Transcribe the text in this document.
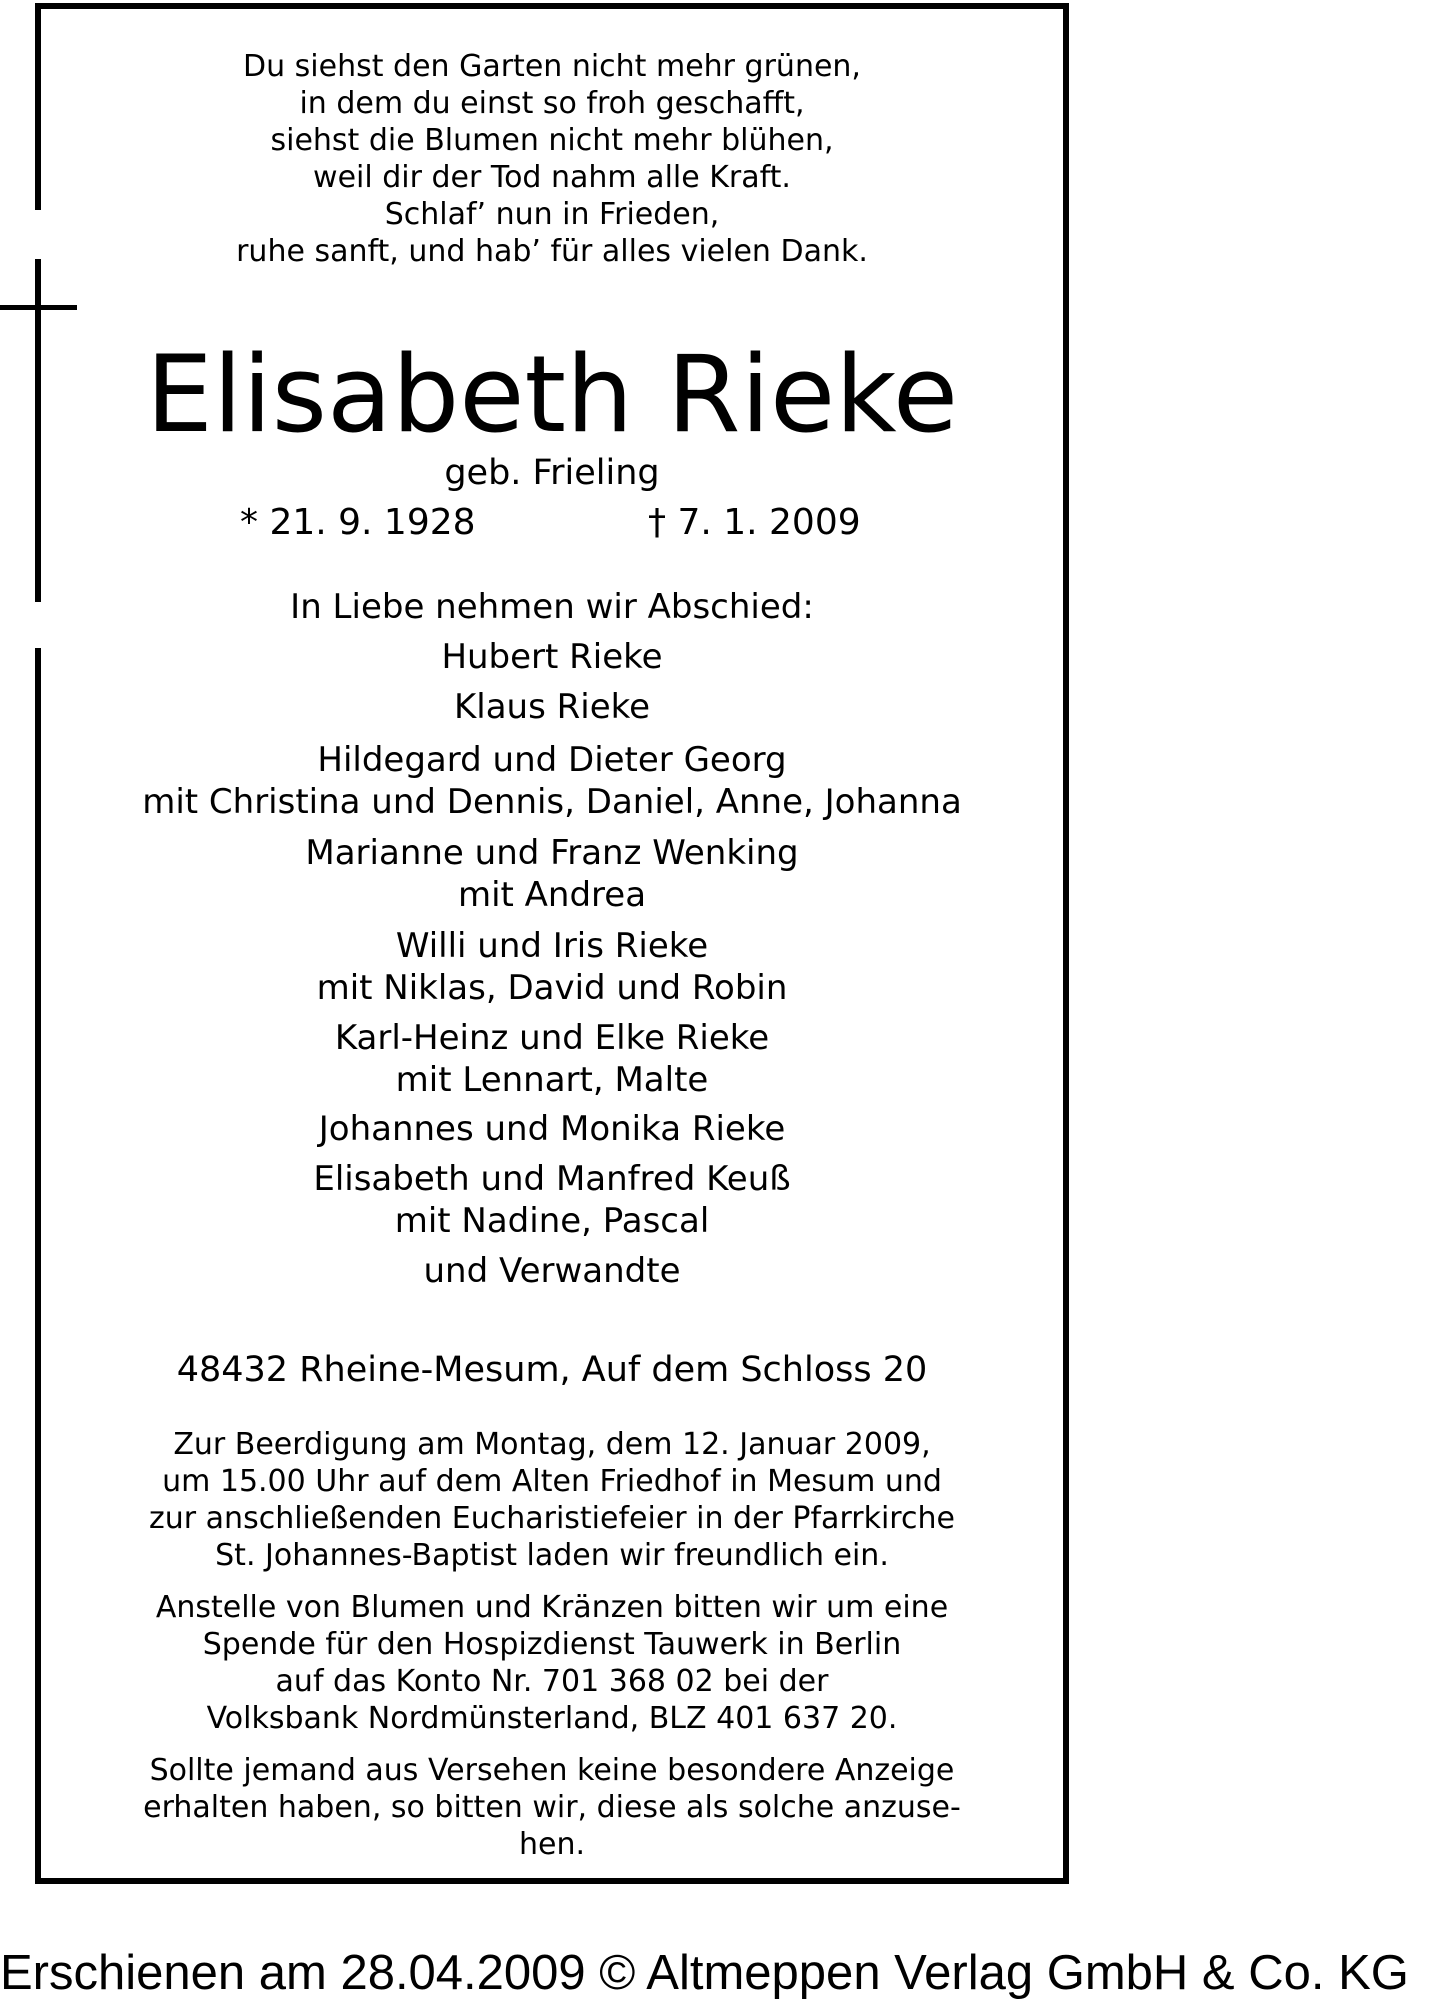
Du siehst den Garten nicht mehr grünen,
in dem du einst so froh geschafft,
siehst die Blumen nicht mehr blühen,
weil dir der Tod nahm alle Kraft.
Schlaf’ nun in Frieden,
ruhe sanft, und hab’ für alles vielen Dank.
Elisabeth Rieke
geb. Frieling
* 21. 9. 1928	† 7. 1. 2009
In Liebe nehmen wir Abschied:
Hubert Rieke
Klaus Rieke
Hildegard und Dieter Georg
mit Christina und Dennis, Daniel, Anne, Johanna
Marianne und Franz Wenking
mit Andrea
Willi und Iris Rieke
mit Niklas, David und Robin
Karl-Heinz und Elke Rieke
mit Lennart, Malte
Johannes und Monika Rieke
Elisabeth und Manfred Keuß
mit Nadine, Pascal
und Verwandte
48432 Rheine-Mesum, Auf dem Schloss 20
Zur Beerdigung am Montag, dem 12. Januar 2009,
um 15.00 Uhr auf dem Alten Friedhof in Mesum und
zur anschließenden Eucharistiefeier in der Pfarrkirche
St. Johannes-Baptist laden wir freundlich ein.
Anstelle von Blumen und Kränzen bitten wir um eine
Spende für den Hospizdienst Tauwerk in Berlin
auf das Konto Nr. 701 368 02 bei der
Volksbank Nordmünsterland, BLZ 401 637 20.
Sollte jemand aus Versehen keine besondere Anzeige
erhalten haben, so bitten wir, diese als solche anzuse-
hen.
Erschienen am 28.04.2009 © Altmeppen Verlag GmbH & Co. KG
